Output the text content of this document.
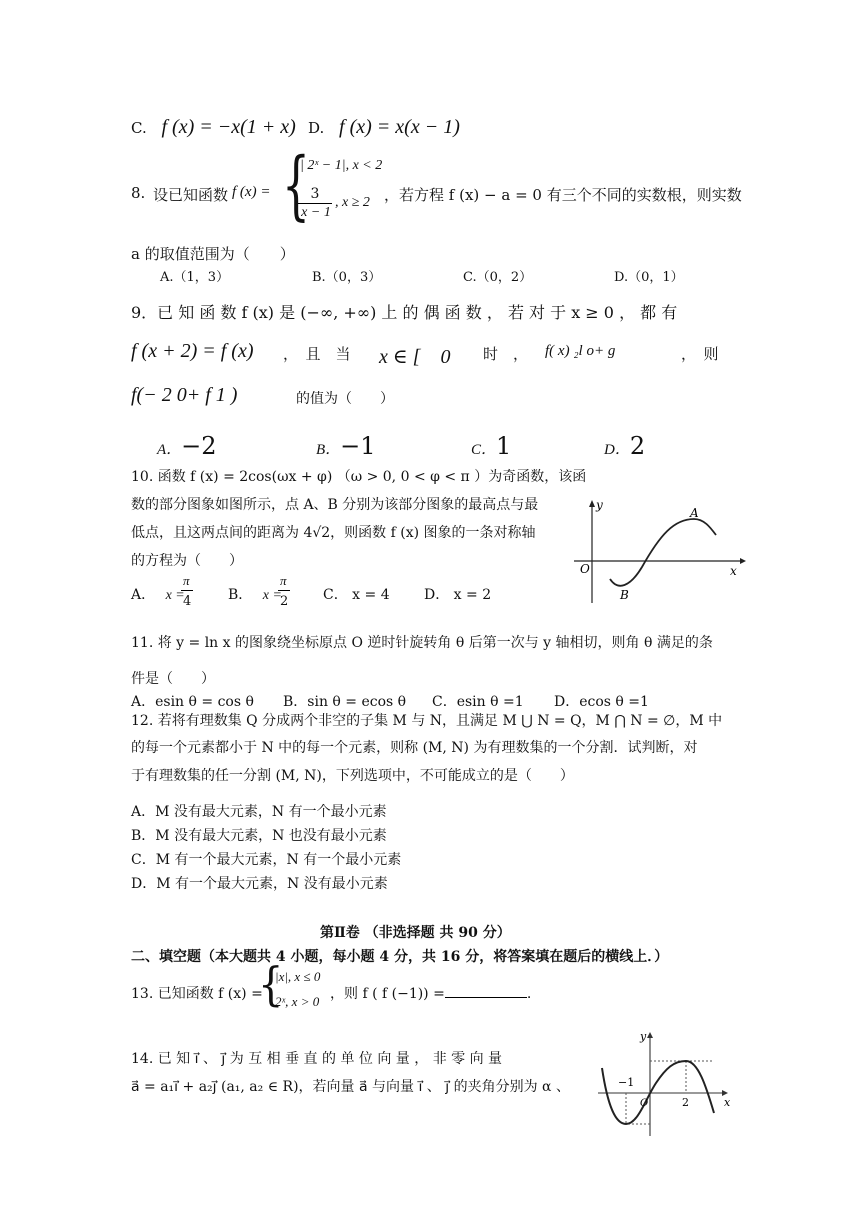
C. f (x) = −x(1 + x) D. f (x) = x(x − 1)
8. 设已知函数 f (x) = {
| 2ˣ − 1|, x < 2
3
x − 1
, x ≥ 2 ，若方程 f (x) − a = 0 有三个不同的实数根，则实数
a 的取值范围为（　　）
A.（1，3）	B.（0，3）	C.（0，2）	D.（0，1）
9．已 知 函 数 f (x) 是 (−∞, +∞) 上 的 偶 函 数 ， 若 对 于 x ≥ 0 ， 都 有
f (x + 2) = f (x) ，　且　当 x ∈ [　0 时　， f( x) ₂l o+ g	，　则
f(− 2 0+ f 1 )	的值为（　　）
A．−2	B．−1	C．1	D．2
10. 函数 f (x) = 2cos(ωx + φ) （ω > 0, 0 < φ < π ）为奇函数，该函
数的部分图象如图所示，点 A、B 分别为该部分图象的最高点与最
低点，且这两点间的距离为 4√2，则函数 f (x) 图象的一条对称轴
的方程为（　　）
A． x =
π
4	B． x =
π
2 C． x = 4 D． x = 2
y
x
O
A
B
11. 将 y = ln x 的图象绕坐标原点 O 逆时针旋转角 θ 后第一次与 y 轴相切，则角 θ 满足的条
件是（　　）
A．esin θ = cos θ B．sin θ = ecos θ C．esin θ =1 D．ecos θ =1
12. 若将有理数集 Q 分成两个非空的子集 M 与 N，且满足 M ⋃ N = Q，M ⋂ N = ∅，M 中
的每一个元素都小于 N 中的每一个元素，则称 (M, N) 为有理数集的一个分割．试判断，对
于有理数集的任一分割 (M, N)，下列选项中，不可能成立的是（　　）
A．M 没有最大元素，N 有一个最小元素
B．M 没有最大元素，N 也没有最小元素
C．M 有一个最大元素，N 有一个最小元素
D．M 有一个最大元素，N 没有最小元素
第Ⅱ卷 （非选择题 共 90 分）
二、填空题（本大题共 4 小题，每小题 4 分，共 16 分，将答案填在题后的横线上．）
13. 已知函数 f (x) =
{
|x|, x ≤ 0
2ˣ, x > 0 ，则 f ( f (−1)) =	.
14. 已 知 i⃗ 、 j⃗ 为 互 相 垂 直 的 单 位 向 量 ， 非 零 向 量
a⃗ = a₁i⃗ + a₂j⃗ (a₁, a₂ ∈ R)，若向量 a⃗ 与向量 i⃗ 、 j⃗ 的夹角分别为 α 、
y
x
−1
2
O
